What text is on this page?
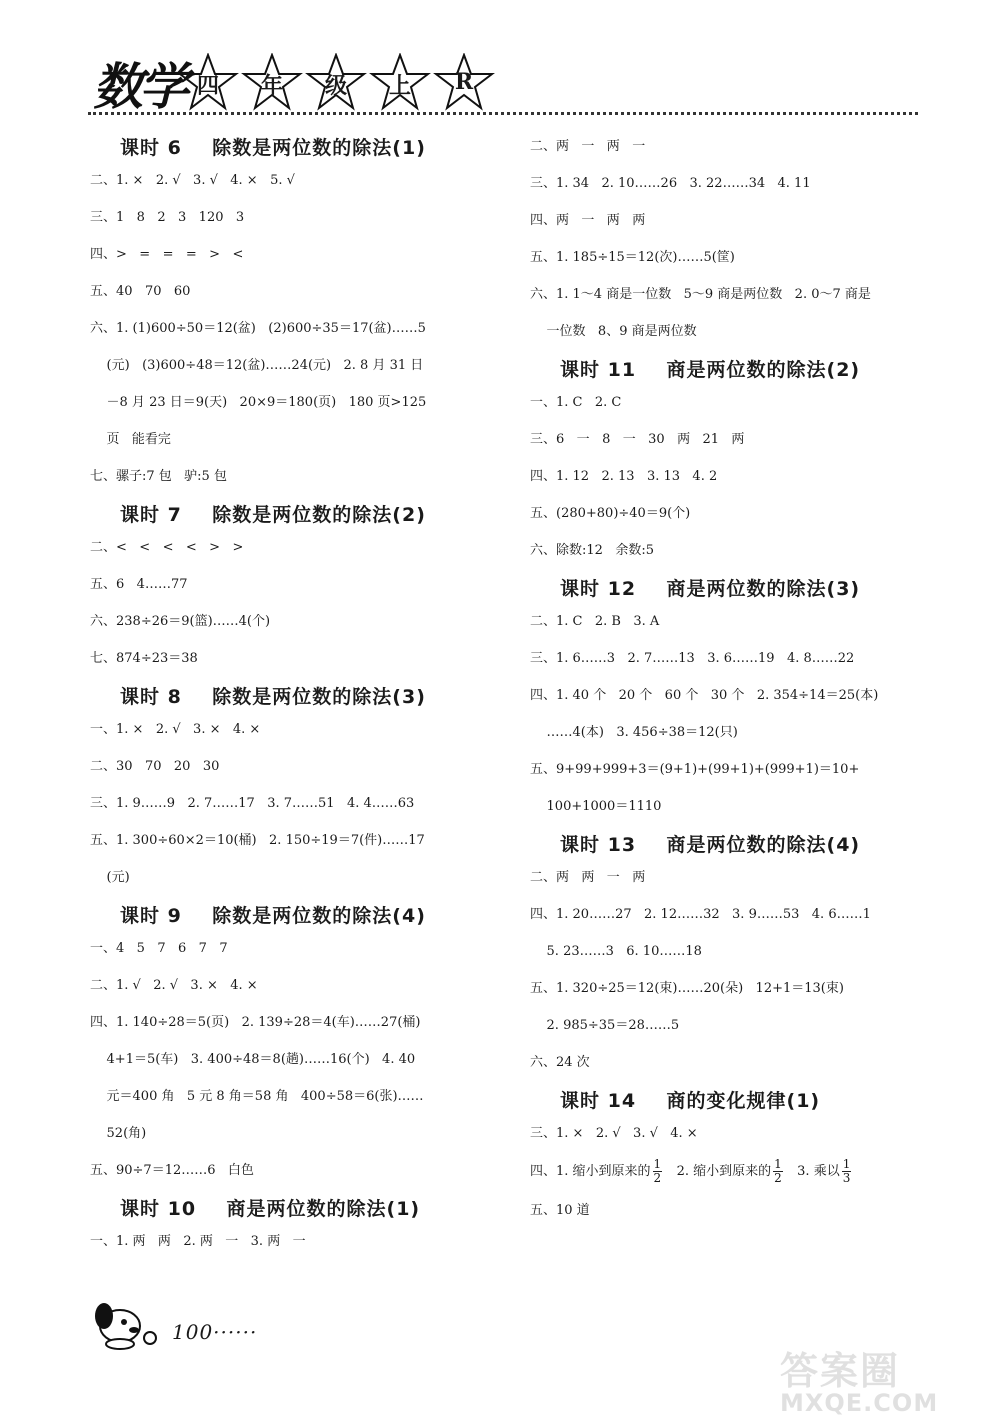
数学 四	年	级	上	R
课时 6    除数是两位数的除法(1)
二、1. ×   2. √   3. √   4. ×   5. √
三、1   8   2   3   120   3
四、>   =   =   =   >   <
五、40   70   60
六、1. (1)600÷50＝12(盆)   (2)600÷35＝17(盆)……5
(元)   (3)600÷48＝12(盆)……24(元)   2. 8 月 31 日
－8 月 23 日＝9(天)   20×9＝180(页)   180 页>125
页   能看完
七、骡子:7 包   驴:5 包
课时 7    除数是两位数的除法(2)
二、<   <   <   <   >   >
五、6   4……77
六、238÷26＝9(篮)……4(个)
七、874÷23＝38
课时 8    除数是两位数的除法(3)
一、1. ×   2. √   3. ×   4. ×
二、30   70   20   30
三、1. 9……9   2. 7……17   3. 7……51   4. 4……63
五、1. 300÷60×2＝10(桶)   2. 150÷19＝7(件)……17
(元)
课时 9    除数是两位数的除法(4)
一、4   5   7   6   7   7
二、1. √   2. √   3. ×   4. ×
四、1. 140÷28＝5(页)   2. 139÷28＝4(车)……27(桶)
4+1＝5(车)   3. 400÷48＝8(趟)……16(个)   4. 40
元＝400 角   5 元 8 角＝58 角   400÷58＝6(张)……
52(角)
五、90÷7＝12……6   白色
课时 10    商是两位数的除法(1)
一、1. 两   两   2. 两   一   3. 两   一
二、两   一   两   一
三、1. 34   2. 10……26   3. 22……34   4. 11
四、两   一   两   两
五、1. 185÷15＝12(次)……5(筐)
六、1. 1～4 商是一位数   5～9 商是两位数   2. 0～7 商是
一位数   8、9 商是两位数
课时 11    商是两位数的除法(2)
一、1. C   2. C
三、6   一   8   一   30   两   21   两
四、1. 12   2. 13   3. 13   4. 2
五、(280+80)÷40＝9(个)
六、除数:12   余数:5
课时 12    商是两位数的除法(3)
二、1. C   2. B   3. A
三、1. 6……3   2. 7……13   3. 6……19   4. 8……22
四、1. 40 个   20 个   60 个   30 个   2. 354÷14＝25(本)
……4(本)   3. 456÷38＝12(只)
五、9+99+999+3＝(9+1)+(99+1)+(999+1)＝10+
100+1000＝1110
课时 13    商是两位数的除法(4)
二、两   两   一   两
四、1. 20……27   2. 12……32   3. 9……53   4. 6……1
5. 23……3   6. 10……18
五、1. 320÷25＝12(束)……20(朵)   12+1＝13(束)
2. 985÷35＝28……5
六、24 次
课时 14    商的变化规律(1)
三、1. ×   2. √   3. √   4. ×
四、1. 缩小到原来的 $\frac{1}{2} 2$. 缩小到原来的 $\frac{1}{2} 3$. 乘以 $\frac{1}{3}$
五、10 道
100······
答案圈
MXQE.COM
